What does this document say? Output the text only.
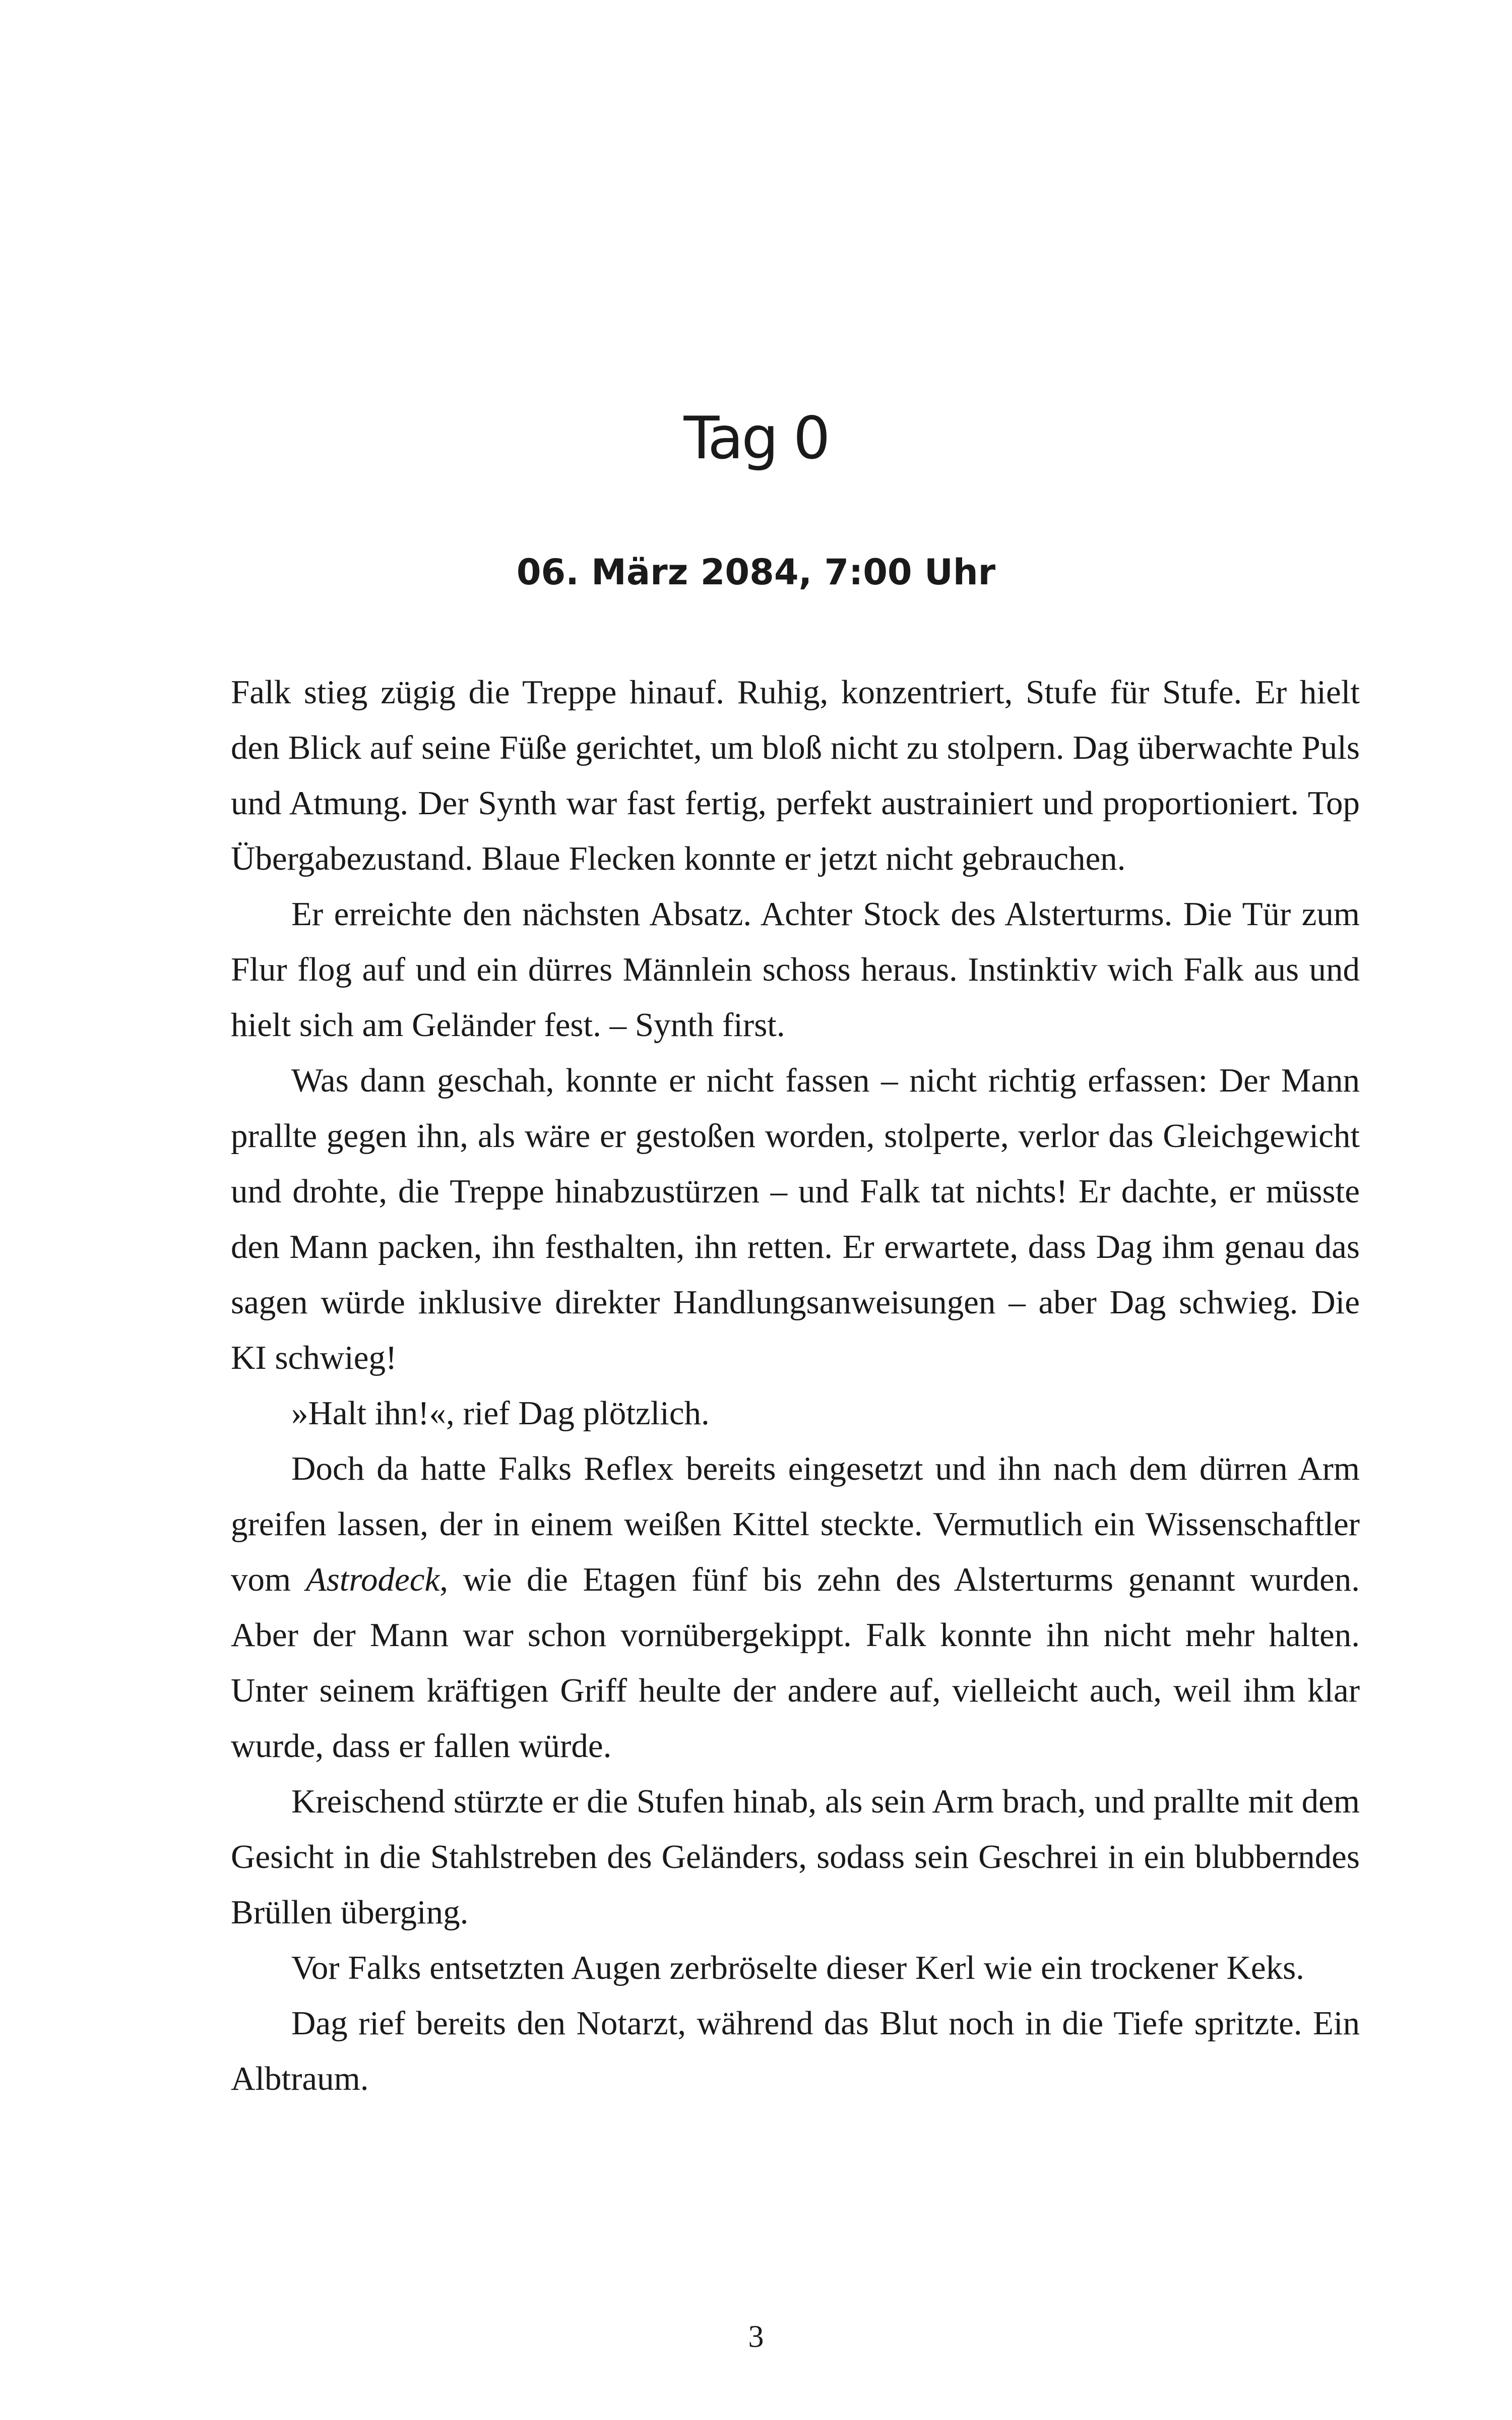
Tag 0
06. März 2084, 7:00 Uhr

Falk stieg zügig die Treppe hinauf. Ruhig, konzentriert, Stufe für Stufe. Er hielt den Blick auf seine Füße gerichtet, um bloß nicht zu stolpern. Dag überwachte Puls und Atmung. Der Synth war fast fertig, perfekt austrainiert und proportioniert. Top Übergabezustand. Blaue Flecken konnte er jetzt nicht gebrauchen.

Er erreichte den nächsten Absatz. Achter Stock des Alsterturms. Die Tür zum Flur flog auf und ein dürres Männlein schoss heraus. Instinktiv wich Falk aus und hielt sich am Geländer fest. – Synth first.

Was dann geschah, konnte er nicht fassen – nicht richtig erfassen: Der Mann prallte gegen ihn, als wäre er gestoßen worden, stolperte, verlor das Gleichgewicht und drohte, die Treppe hinabzustürzen – und Falk tat nichts! Er dachte, er müsste den Mann packen, ihn festhalten, ihn retten. Er erwartete, dass Dag ihm genau das sagen würde inklusive direkter Handlungsanweisungen – aber Dag schwieg. Die KI schwieg!

»Halt ihn!«, rief Dag plötzlich.

Doch da hatte Falks Reflex bereits eingesetzt und ihn nach dem dürren Arm greifen lassen, der in einem weißen Kittel steckte. Vermutlich ein Wissenschaftler vom Astrodeck, wie die Etagen fünf bis zehn des Alsterturms genannt wurden. Aber der Mann war schon vornübergekippt. Falk konnte ihn nicht mehr halten. Unter seinem kräftigen Griff heulte der andere auf, vielleicht auch, weil ihm klar wurde, dass er fallen würde.

Kreischend stürzte er die Stufen hinab, als sein Arm brach, und prallte mit dem Gesicht in die Stahlstreben des Geländers, sodass sein Geschrei in ein blubberndes Brüllen überging.

Vor Falks entsetzten Augen zerbröselte dieser Kerl wie ein trockener Keks.

Dag rief bereits den Notarzt, während das Blut noch in die Tiefe spritzte. Ein Albtraum.

3
